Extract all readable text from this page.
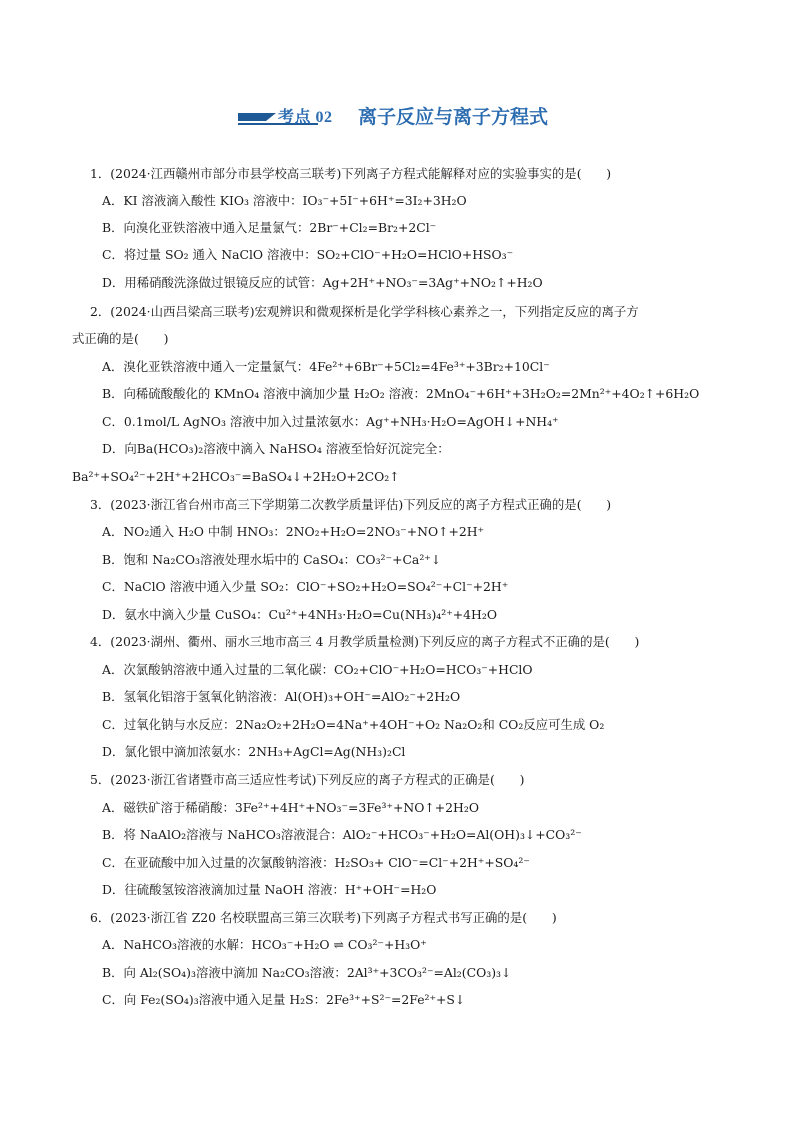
考点 02 离子反应与离子方程式
1．(2024·江西赣州市部分市县学校高三联考)下列离子方程式能解释对应的实验事实的是(　　)
A．KI 溶液滴入酸性 KIO₃ 溶液中：IO₃⁻+5I⁻+6H⁺=3I₂+3H₂O
B．向溴化亚铁溶液中通入足量氯气：2Br⁻+Cl₂=Br₂+2Cl⁻
C．将过量 SO₂ 通入 NaClO 溶液中：SO₂+ClO⁻+H₂O=HClO+HSO₃⁻
D．用稀硝酸洗涤做过银镜反应的试管：Ag+2H⁺+NO₃⁻=3Ag⁺+NO₂↑+H₂O
2．(2024·山西吕梁高三联考)宏观辨识和微观探析是化学学科核心素养之一，下列指定反应的离子方
式正确的是(　　)
A．溴化亚铁溶液中通入一定量氯气：4Fe²⁺+6Br⁻+5Cl₂=4Fe³⁺+3Br₂+10Cl⁻
B．向稀硫酸酸化的 KMnO₄ 溶液中滴加少量 H₂O₂ 溶液：2MnO₄⁻+6H⁺+3H₂O₂=2Mn²⁺+4O₂↑+6H₂O
C．0.1mol/L AgNO₃ 溶液中加入过量浓氨水：Ag⁺+NH₃·H₂O=AgOH↓+NH₄⁺
D．向Ba(HCO₃)₂溶液中滴入 NaHSO₄ 溶液至恰好沉淀完全：
Ba²⁺+SO₄²⁻+2H⁺+2HCO₃⁻=BaSO₄↓+2H₂O+2CO₂↑
3．(2023·浙江省台州市高三下学期第二次教学质量评估)下列反应的离子方程式正确的是(　　)
A．NO₂通入 H₂O 中制 HNO₃：2NO₂+H₂O=2NO₃⁻+NO↑+2H⁺
B．饱和 Na₂CO₃溶液处理水垢中的 CaSO₄：CO₃²⁻+Ca²⁺↓
C．NaClO 溶液中通入少量 SO₂：ClO⁻+SO₂+H₂O=SO₄²⁻+Cl⁻+2H⁺
D．氨水中滴入少量 CuSO₄：Cu²⁺+4NH₃·H₂O=Cu(NH₃)₄²⁺+4H₂O
4．(2023·湖州、衢州、丽水三地市高三 4 月教学质量检测)下列反应的离子方程式不正确的是(　　)
A．次氯酸钠溶液中通入过量的二氧化碳：CO₂+ClO⁻+H₂O=HCO₃⁻+HClO
B．氢氧化铝溶于氢氧化钠溶液：Al(OH)₃+OH⁻=AlO₂⁻+2H₂O
C．过氧化钠与水反应：2Na₂O₂+2H₂O=4Na⁺+4OH⁻+O₂ Na₂O₂和 CO₂反应可生成 O₂
D．氯化银中滴加浓氨水：2NH₃+AgCl=Ag(NH₃)₂Cl
5．(2023·浙江省诸暨市高三适应性考试)下列反应的离子方程式的正确是(　　)
A．磁铁矿溶于稀硝酸：3Fe²⁺+4H⁺+NO₃⁻=3Fe³⁺+NO↑+2H₂O
B．将 NaAlO₂溶液与 NaHCO₃溶液混合：AlO₂⁻+HCO₃⁻+H₂O=Al(OH)₃↓+CO₃²⁻
C．在亚硫酸中加入过量的次氯酸钠溶液：H₂SO₃+ ClO⁻=Cl⁻+2H⁺+SO₄²⁻
D．往硫酸氢铵溶液滴加过量 NaOH 溶液：H⁺+OH⁻=H₂O
6．(2023·浙江省 Z20 名校联盟高三第三次联考)下列离子方程式书写正确的是(　　)
A．NaHCO₃溶液的水解：HCO₃⁻+H₂O ⇌ CO₃²⁻+H₃O⁺
B．向 Al₂(SO₄)₃溶液中滴加 Na₂CO₃溶液：2Al³⁺+3CO₃²⁻=Al₂(CO₃)₃↓
C．向 Fe₂(SO₄)₃溶液中通入足量 H₂S：2Fe³⁺+S²⁻=2Fe²⁺+S↓
